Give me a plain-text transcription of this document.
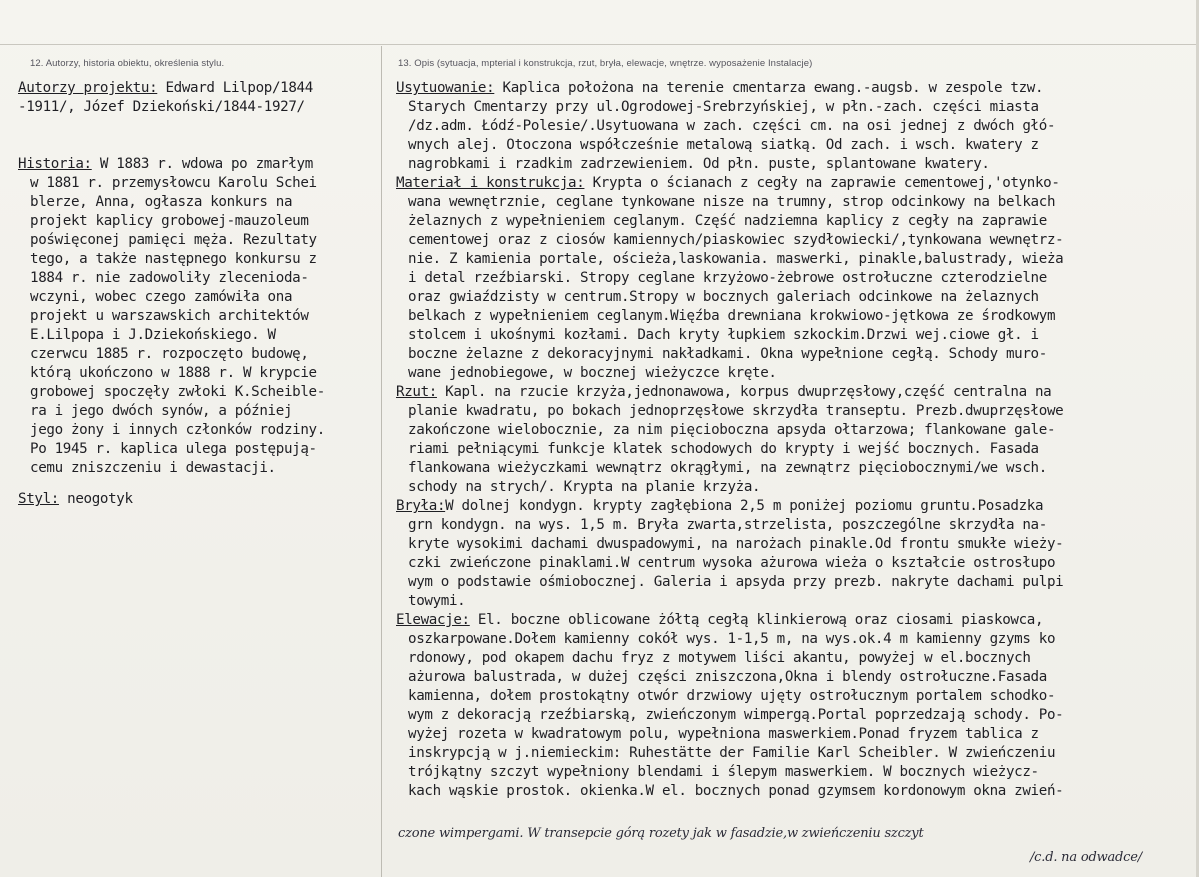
12. Autorzy, historia obiektu, określenia stylu.	13. Opis (sytuacja, mpterial i konstrukcja, rzut, bryła, elewacje, wnętrze. wyposażenie Instalacje)
Autorzy projektu: Edward Lilpop/1844
-1911/, Józef Dziekoński/1844-1927/
Historia: W 1883 r. wdowa po zmarłym
w 1881 r. przemysłowcu Karolu Schei
blerze, Anna, ogłasza konkurs na
projekt kaplicy grobowej-mauzoleum
poświęconej pamięci męża. Rezultaty
tego, a także następnego konkursu z
1884 r. nie zadowoliły zleceniodа-
wczyni, wobec czego zamówiła ona
projekt u warszawskich architektów
E.Lilpopa i J.Dziekońskiego. W
czerwcu 1885 r. rozpoczęto budowę,
którą ukończono w 1888 r. W krypcie
grobowej spoczęły zwłoki K.Scheible-
ra i jego dwóch synów, a później
jego żony i innych członków rodziny.
Po 1945 r. kaplica ulega postępują-
cemu zniszczeniu i dewastacji.
Styl: neogotyk
Usytuowanie: Kaplica położona na terenie cmentarza ewang.-augsb. w zespole tzw.
Starych Cmentarzy przy ul.Ogrodowej-Srebrzyńskiej, w płn.-zach. części miasta
/dz.adm. Łódź-Polesie/.Usytuowana w zach. części cm. na osi jednej z dwóch głó-
wnych alej. Otoczona współcześnie metalową siatką. Od zach. i wsch. kwatery z
nagrobkami i rzadkim zadrzewieniem. Od płn. puste, splantowane kwatery.
Materiał i konstrukcja: Krypta o ścianach z cegły na zaprawie cementowej,'otynko-
wana wewnętrznie, ceglane tynkowane nisze na trumny, strop odcinkowy na belkach
żelaznych z wypełnieniem ceglanym. Część nadziemna kaplicy z cegły na zaprawie
cementowej oraz z ciosów kamiennych/piaskowiec szydłowiecki/,tynkowana wewnętrz-
nie. Z kamienia portale, ościeża,laskowania. maswerki, pinakle,balustrady, wieża
i detal rzeźbiarski. Stropy ceglane krzyżowo-żebrowe ostrołuczne czterodzielne
oraz gwiaździsty w centrum.Stropy w bocznych galeriach odcinkowe na żelaznych
belkach z wypełnieniem ceglanym.Więźba drewniana krokwiowo-jętkowa ze środkowym
stolcem i ukośnymi kozłami. Dach kryty łupkiem szkockim.Drzwi wej.ciowe gł. i
boczne żelazne z dekoracyjnymi nakładkami. Okna wypełnione cegłą. Schody muro-
wane jednobiegowe, w bocznej wieżyczce kręte.
Rzut: Kapl. na rzucie krzyża,jednonawowa, korpus dwuprzęsłowy,część centralna na
planie kwadratu, po bokach jednoprzęsłowe skrzydła transeptu. Prezb.dwuprzęsłowe
zakończone wielobocznie, za nim pięcioboczna apsyda ołtarzowa; flankowane gale-
riami pełniącymi funkcje klatek schodowych do krypty i wejść bocznych. Fasada
flankowana wieżyczkami wewnątrz okrągłymi, na zewnątrz pięciobocznymi/we wsch.
schody na strych/. Krypta na planie krzyża.
Bryła:W dolnej kondygn. krypty zagłębiona 2,5 m poniżej poziomu gruntu.Posadzka
grn kondygn. na wys. 1,5 m. Bryła zwarta,strzelista, poszczególne skrzydła na-
kryte wysokimi dachami dwuspadowymi, na narożach pinakle.Od frontu smukłe wieży-
czki zwieńczone pinaklami.W centrum wysoka ażurowa wieża o kształcie ostrosłupo
wym o podstawie ośmiobocznej. Galeria i apsyda przy prezb. nakryte dachami pulpi
towymi.
Elewacje: El. boczne oblicowane żółtą cegłą klinkierową oraz ciosami piaskowca,
oszkarpowane.Dołem kamienny cokół wys. 1-1,5 m, na wys.ok.4 m kamienny gzyms ko
rdonowy, pod okapem dachu fryz z motywem liści akantu, powyżej w el.bocznych
ażurowa balustrada, w dużej części zniszczona,Okna i blendy ostrołuczne.Fasada
kamienna, dołem prostokątny otwór drzwiowy ujęty ostrołucznym portalem schodko-
wym z dekoracją rzeźbiarską, zwieńczonym wimpergą.Portal poprzedzają schody. Po-
wyżej rozeta w kwadratowym polu, wypełniona maswerkiem.Ponad fryzem tablica z
inskrypcją w j.niemieckim: Ruhestätte der Familie Karl Scheibler. W zwieńczeniu
trójkątny szczyt wypełniony blendami i ślepym maswerkiem. W bocznych wieżycz-
kach wąskie prostok. okienka.W el. bocznych ponad gzymsem kordonowym okna zwień-
czone wimpergami. W transepcie górą rozety jak w fasadzie,w zwieńczeniu szczyt
/c.d. na odwadce/
